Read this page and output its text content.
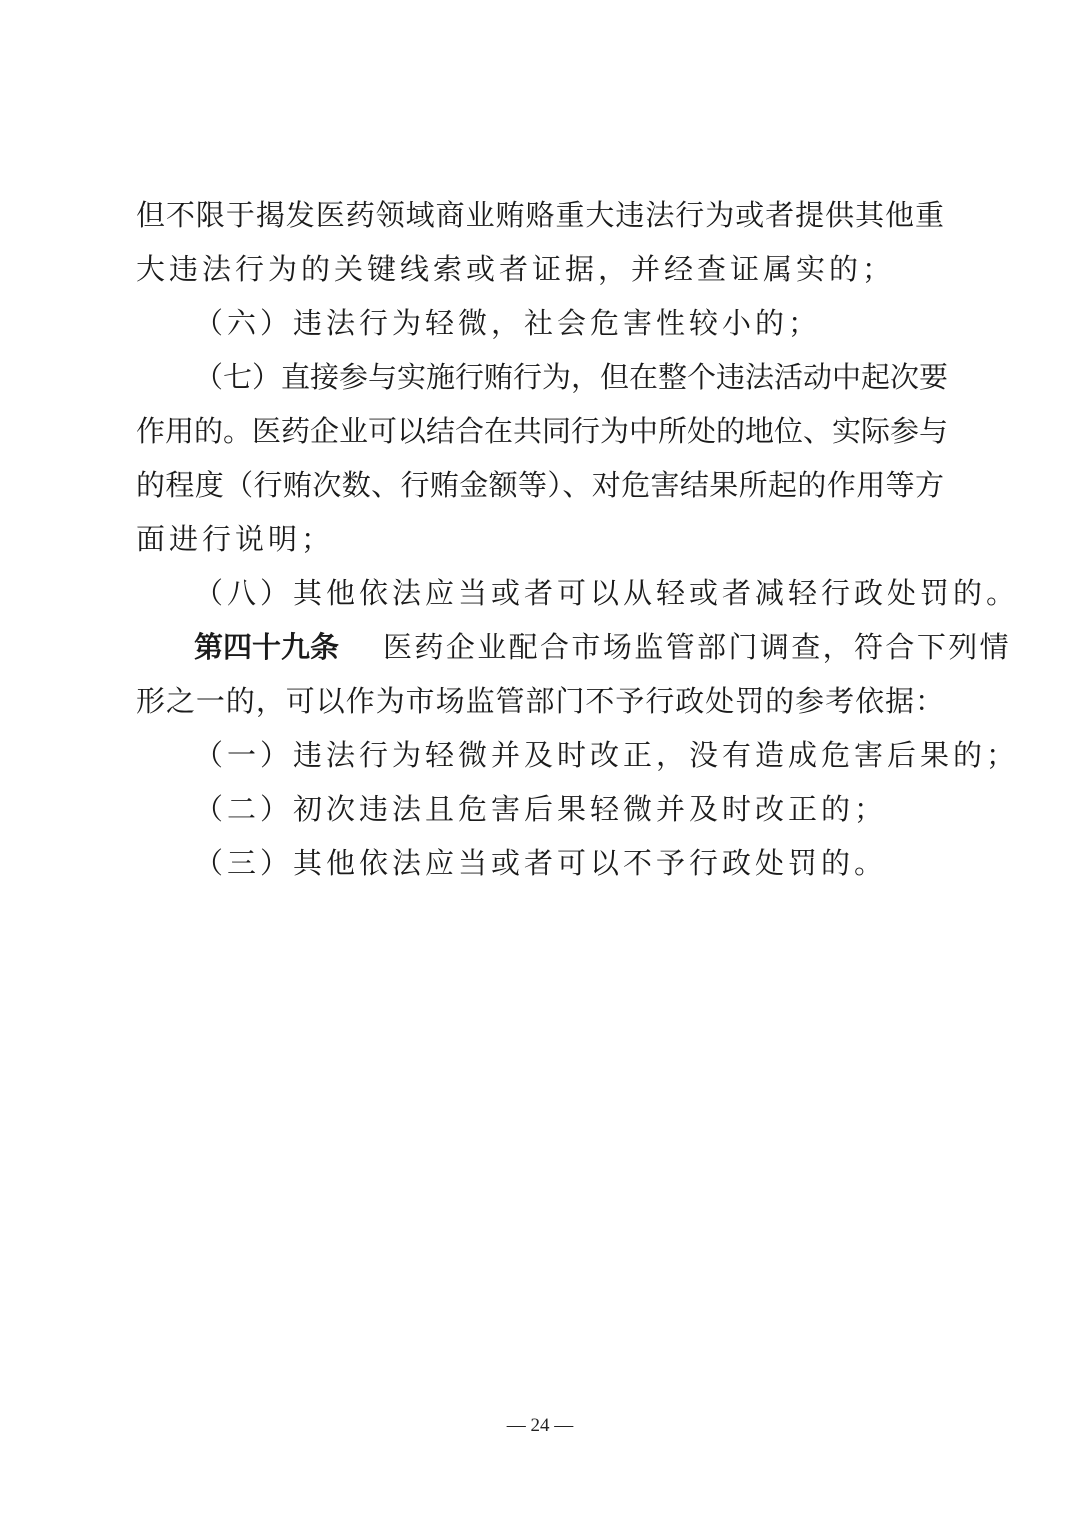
但不限于揭发医药领域商业贿赂重大违法行为或者提供其他重
大违法行为的关键线索或者证据，并经查证属实的；
（六）违法行为轻微，社会危害性较小的；
（七）直接参与实施行贿行为，但在整个违法活动中起次要
作用的。医药企业可以结合在共同行为中所处的地位、实际参与
的程度（行贿次数、行贿金额等）、对危害结果所起的作用等方
面进行说明；
（八）其他依法应当或者可以从轻或者减轻行政处罚的。
第四十九条 医药企业配合市场监管部门调查，符合下列情
形之一的，可以作为市场监管部门不予行政处罚的参考依据：
（一）违法行为轻微并及时改正，没有造成危害后果的；
（二）初次违法且危害后果轻微并及时改正的；
（三）其他依法应当或者可以不予行政处罚的。
— 24 —
